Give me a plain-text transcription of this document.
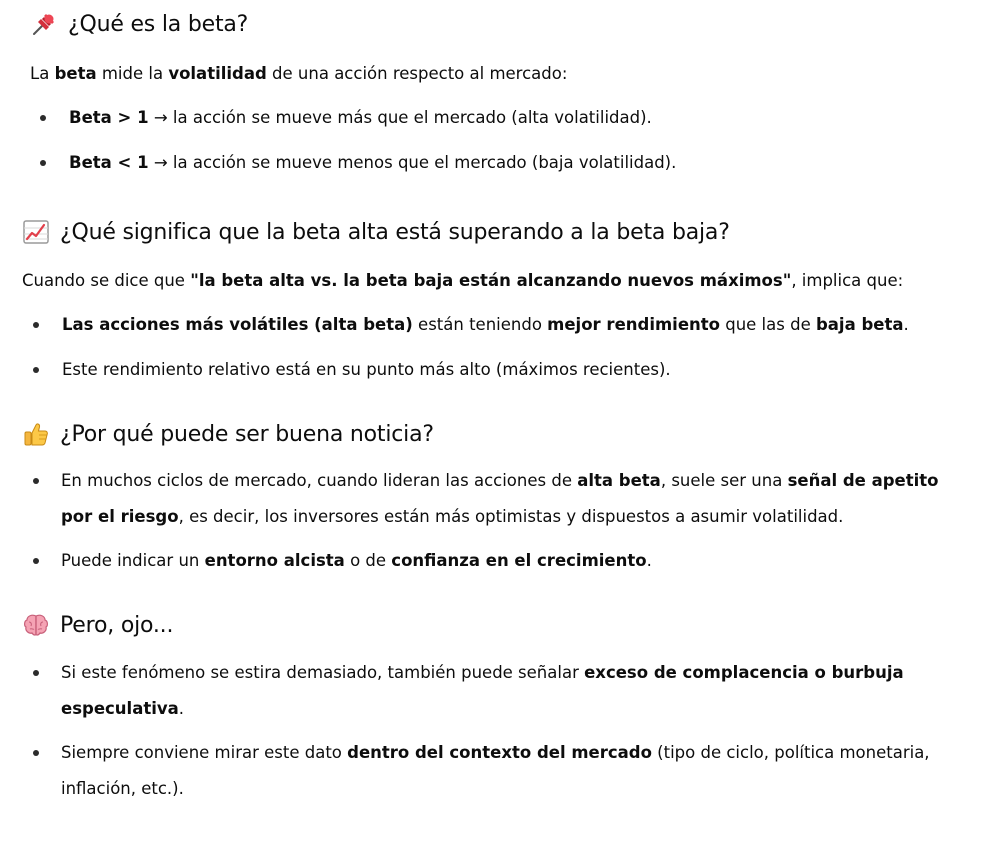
¿Qué es la beta?
La beta mide la volatilidad de una acción respecto al mercado:
Beta > 1 → la acción se mueve más que el mercado (alta volatilidad).
Beta < 1 → la acción se mueve menos que el mercado (baja volatilidad).
¿Qué significa que la beta alta está superando a la beta baja?
Cuando se dice que "la beta alta vs. la beta baja están alcanzando nuevos máximos", implica que:
Las acciones más volátiles (alta beta) están teniendo mejor rendimiento que las de baja beta.
Este rendimiento relativo está en su punto más alto (máximos recientes).
¿Por qué puede ser buena noticia?
En muchos ciclos de mercado, cuando lideran las acciones de alta beta, suele ser una señal de apetito
por el riesgo, es decir, los inversores están más optimistas y dispuestos a asumir volatilidad.
Puede indicar un entorno alcista o de confianza en el crecimiento.
Pero, ojo...
Si este fenómeno se estira demasiado, también puede señalar exceso de complacencia o burbuja
especulativa.
Siempre conviene mirar este dato dentro del contexto del mercado (tipo de ciclo, política monetaria,
inflación, etc.).
